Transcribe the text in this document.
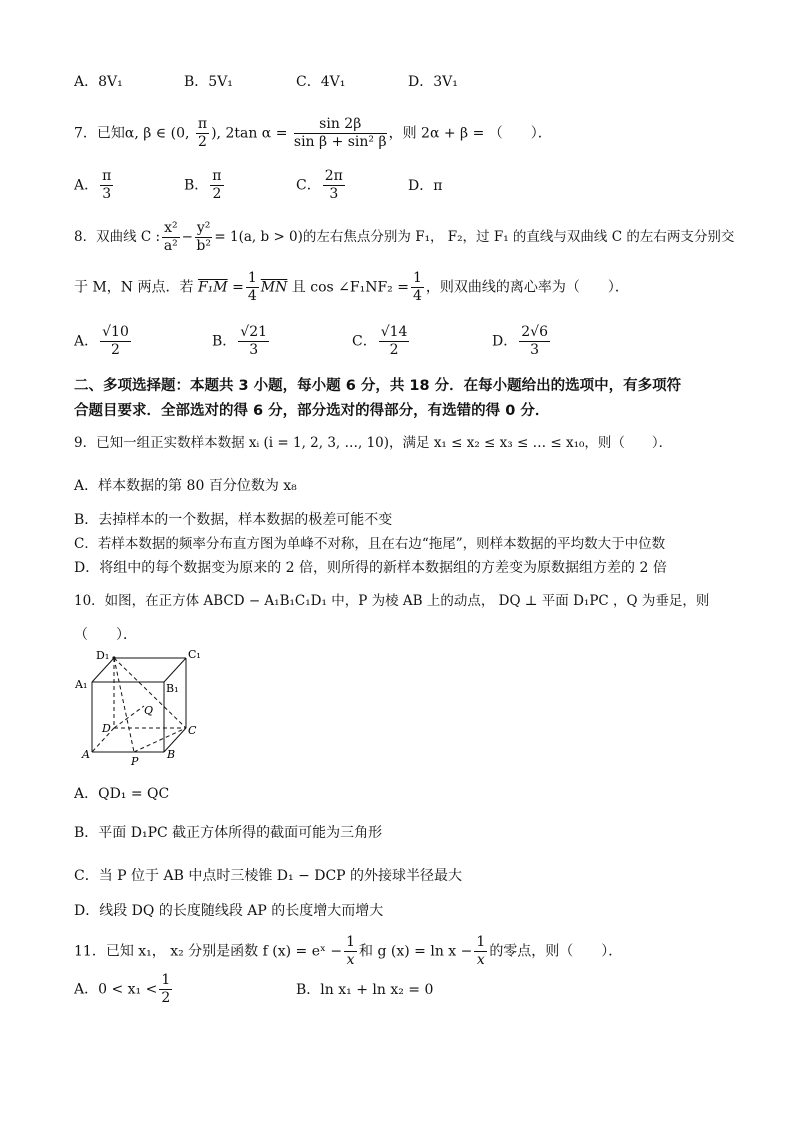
A．8V₁	B．5V₁	C．4V₁	D．3V₁
7．已知α, β ∈ (0, $\frac{\pi}{2}$ ), 2tan $\alpha = \frac{\sin 2\beta}{\text{sin β + sin² β}}$ ，则 2α + β = （　　）．
A． $\frac{\pi}{3}$	B． $\frac{\pi}{2}$	C． $\frac{2\pi}{3}$	D．π
8．双曲线 C : $\frac{\text{x²}}{\text{a²}} - \frac{\text{y²}}{\text{b²}} = 1(a$, b > 0)的左右焦点分别为 F₁， F₂，过 F₁ 的直线与双曲线 C 的左右两支分别交
于 M，N 两点．若 $F_1M = \frac{1}{4} \overline{MN}$ 且 cos ∠F₁NF₂ = $\frac{1}{4}$ ，则双曲线的离心率为（　　）．
A． $\frac{√10}{2}$	B． $\frac{√21}{3}$	C． $\frac{√14}{2}$	D． $\frac{2√6}{3}$
二、多项选择题：本题共 3 小题，每小题 6 分，共 18 分．在每小题给出的选项中，有多项符
合题目要求．全部选对的得 6 分，部分选对的得部分，有选错的得 0 分．
9．已知一组正实数样本数据 xᵢ (i = 1, 2, 3, …, 10)，满足 x₁ ≤ x₂ ≤ x₃ ≤ … ≤ x₁₀，则（　　）．
A．样本数据的第 80 百分位数为 x₈
B．去掉样本的一个数据，样本数据的极差可能不变
C．若样本数据的频率分布直方图为单峰不对称，且在右边“拖尾”，则样本数据的平均数大于中位数
D．将组中的每个数据变为原来的 2 倍，则所得的新样本数据组的方差变为原数据组方差的 2 倍
10．如图，在正方体 ABCD − A₁B₁C₁D₁ 中，P 为棱 AB 上的动点， DQ ⊥ 平面 D₁PC ，Q 为垂足，则
（　　）．
D₁	C₁
A₁	B₁
D	C
A	B
P
Q
A．QD₁ = QC
B．平面 D₁PC 截正方体所得的截面可能为三角形
C．当 P 位于 AB 中点时三棱锥 D₁ − DCP 的外接球半径最大
D．线段 DQ 的长度随线段 AP 的长度增大而增大
11．已知 x₁， x₂ 分别是函数 f (x) = eˣ − $\frac{1}{x}$ 和 g $(x) = \ln x - \frac{1}{x}$ 的零点，则（　　）．
A．$0 < x_1 < \frac{1}{2}$	B．ln x₁ + ln x₂ = 0
